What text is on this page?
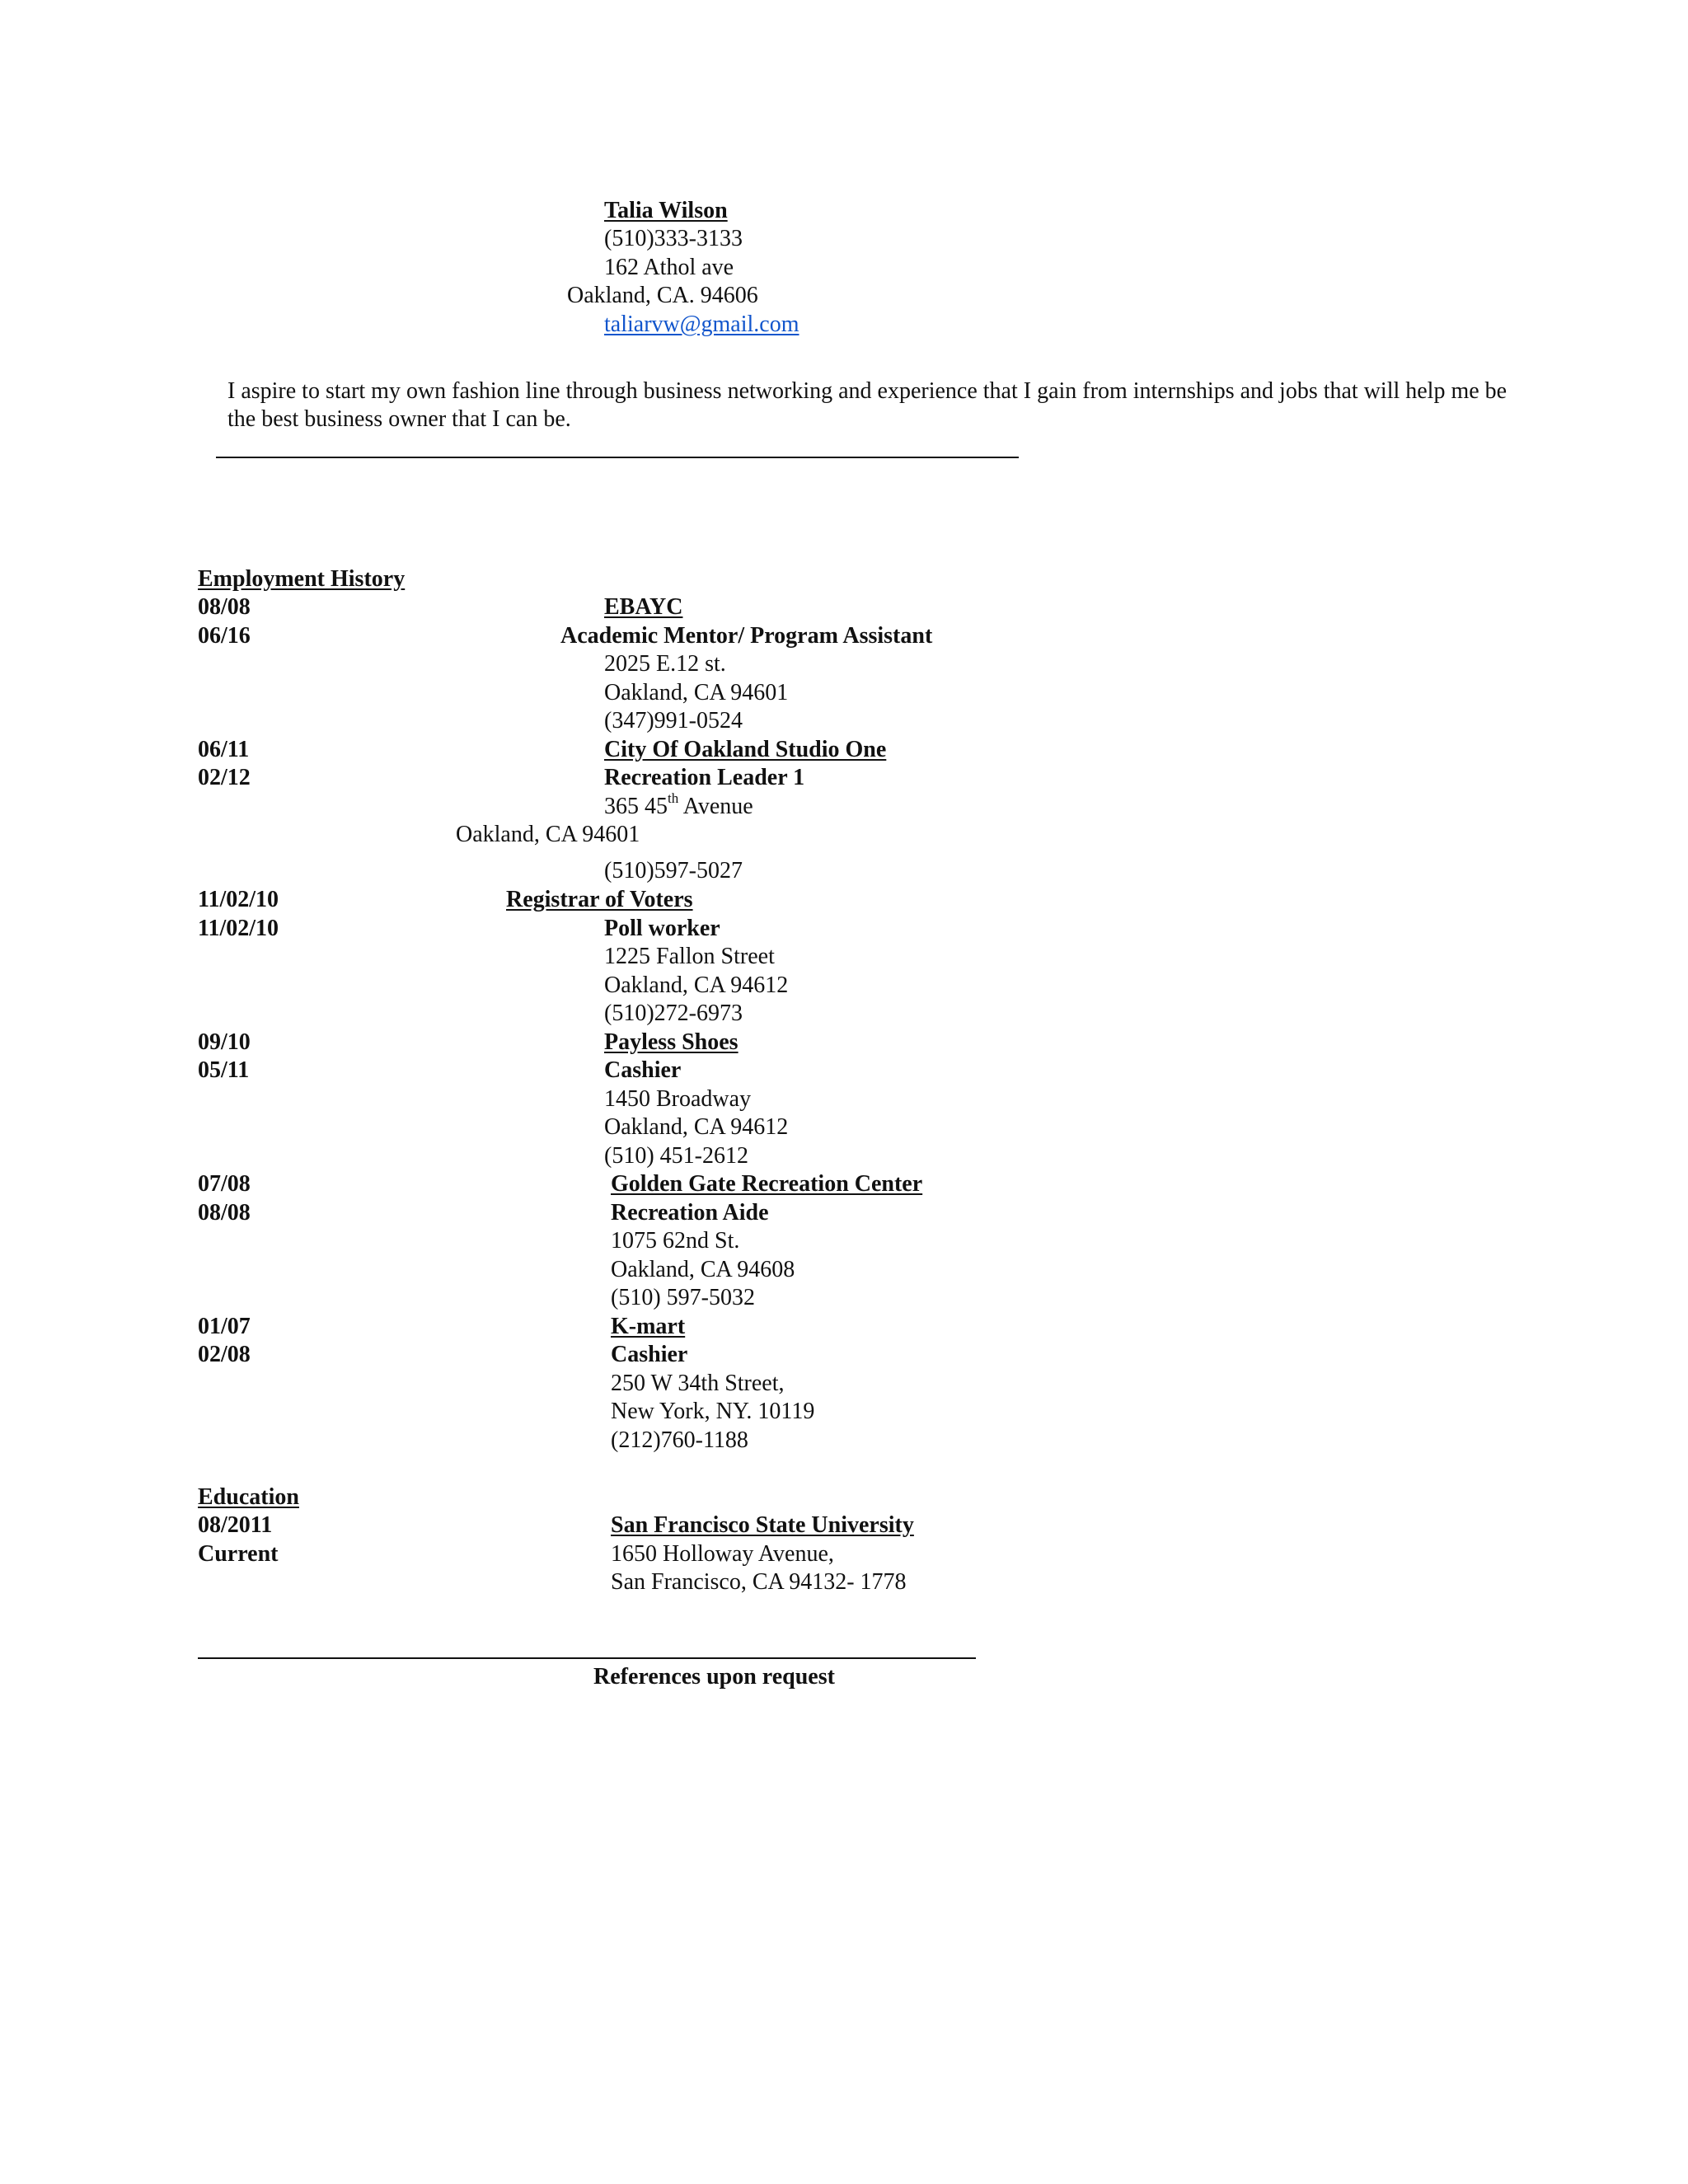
Talia Wilson
(510)333-3133
162 Athol ave
Oakland, CA. 94606
taliarvw@gmail.com
I aspire to start my own fashion line through business networking and experience that I gain from internships and jobs that will help me be the best business owner that I can be.
Employment History
08/08	EBAYC
06/16	Academic Mentor/ Program Assistant
2025 E.12 st.
Oakland, CA 94601
(347)991-0524
06/11	City Of Oakland Studio One
02/12	Recreation Leader 1
365 45th Avenue
Oakland, CA 94601
(510)597-5027
11/02/10	Registrar of Voters
11/02/10	Poll worker
1225 Fallon Street
Oakland, CA 94612
(510)272-6973
09/10	Payless Shoes
05/11	Cashier
1450 Broadway
Oakland, CA 94612
(510) 451-2612
07/08	Golden Gate Recreation Center
08/08	Recreation Aide
1075 62nd St.
Oakland, CA 94608
(510) 597-5032
01/07	K-mart
02/08	Cashier
250 W 34th Street,
New York, NY. 10119
(212)760-1188
Education
08/2011	San Francisco State University
Current	1650 Holloway Avenue,
San Francisco, CA 94132- 1778
References upon request
